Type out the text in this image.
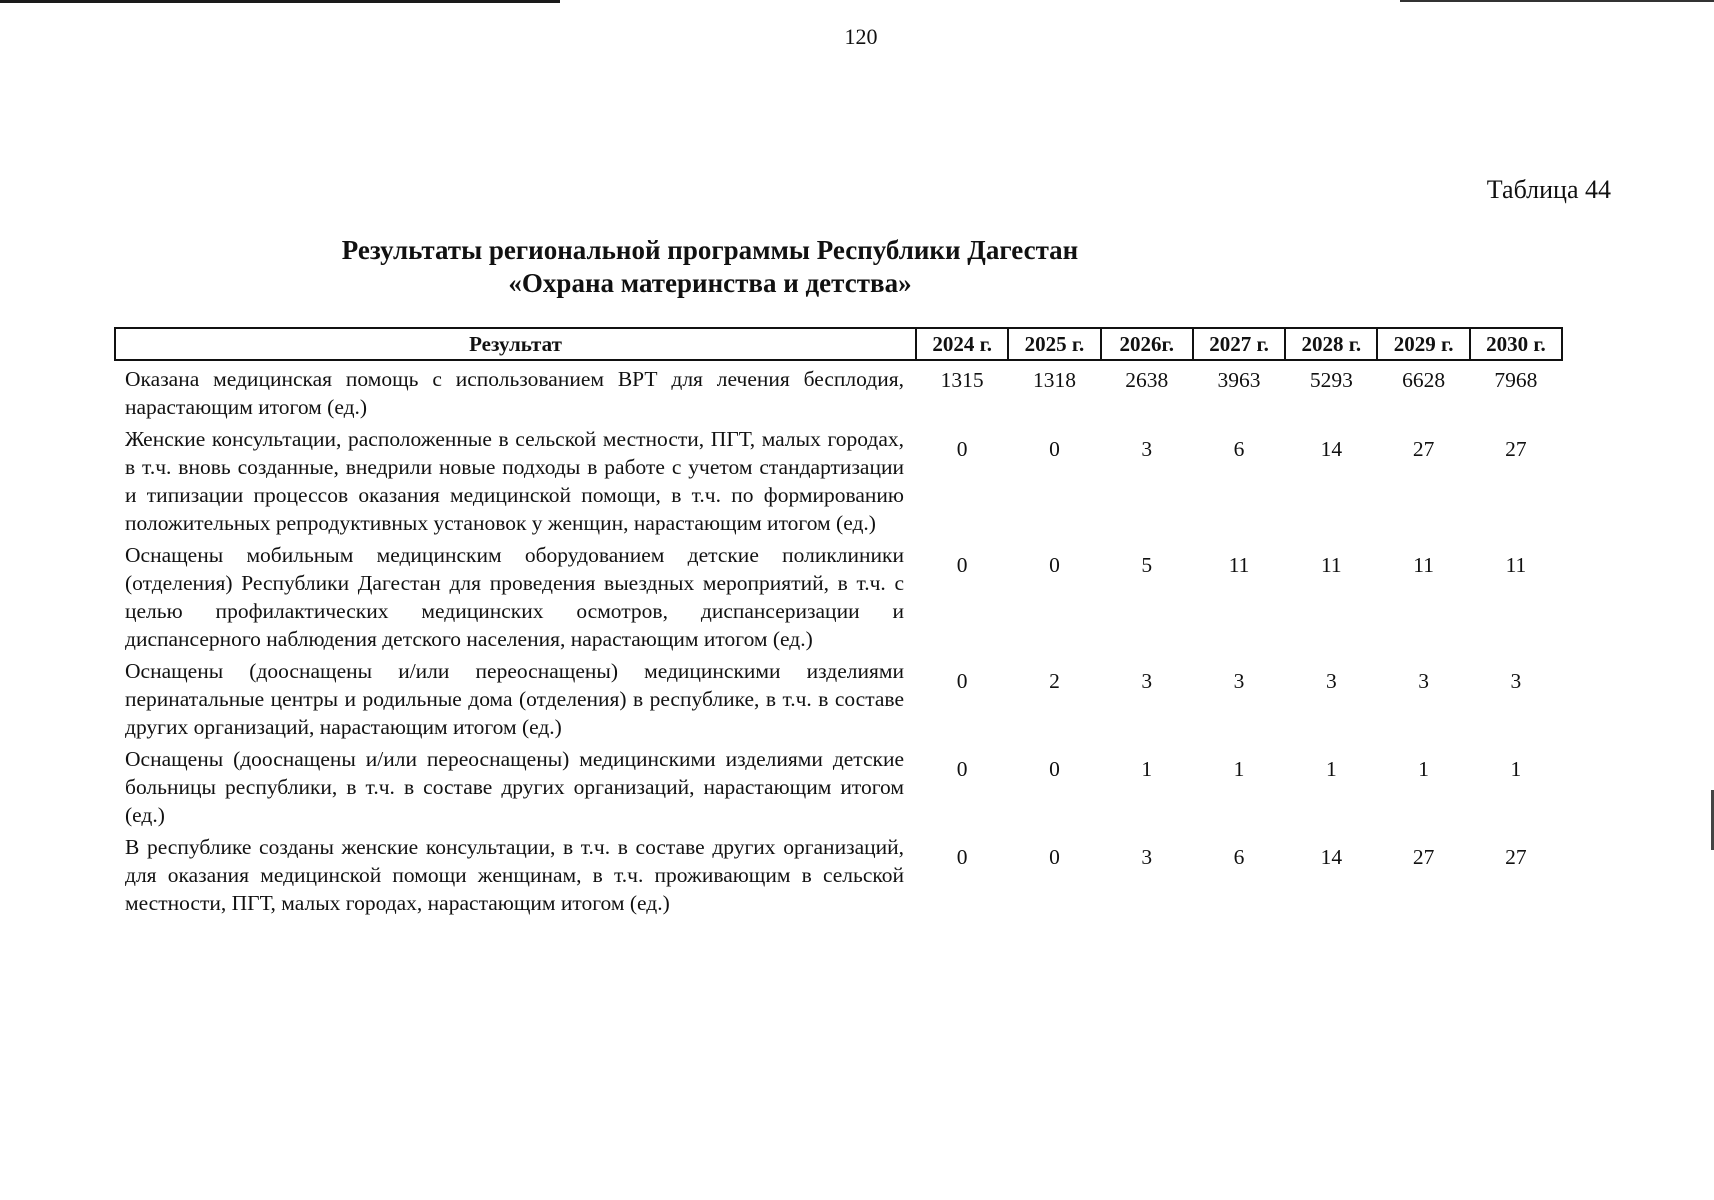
120
Таблица 44
Результаты региональной программы Республики Дагестан
«Охрана материнства и детства»
Результат	2024 г.	2025 г.	2026г.	2027 г.	2028 г.	2029 г.	2030 г.
Оказана медицинская помощь с использованием ВРТ для лечения бесплодия, нарастающим итогом (ед.)	1315	1318	2638	3963	5293	6628	7968
Женские консультации, расположенные в сельской местности, ПГТ, малых городах, в т.ч. вновь созданные, внедрили новые подходы в работе с учетом стандартизации и типизации процессов оказания медицинской помощи, в т.ч. по формированию положительных репродуктивных установок у женщин, нарастающим итогом (ед.)	0	0	3	6	14	27	27
Оснащены мобильным медицинским оборудованием детские поликлиники (отделения) Республики Дагестан для проведения выездных мероприятий, в т.ч. с целью профилактических медицинских осмотров, диспансеризации и диспансерного наблюдения детского населения, нарастающим итогом (ед.)	0	0	5	11	11	11	11
Оснащены (дооснащены и/или переоснащены) медицинскими изделиями перинатальные центры и родильные дома (отделения) в республике, в т.ч. в составе других организаций, нарастающим итогом (ед.)	0	2	3	3	3	3	3
Оснащены (дооснащены и/или переоснащены) медицинскими изделиями детские больницы республики, в т.ч. в составе других организаций, нарастающим итогом (ед.)	0	0	1	1	1	1	1
В республике созданы женские консультации, в т.ч. в составе других организаций, для оказания медицинской помощи женщинам, в т.ч. проживающим в сельской местности, ПГТ, малых городах, нарастающим итогом (ед.)	0	0	3	6	14	27	27
